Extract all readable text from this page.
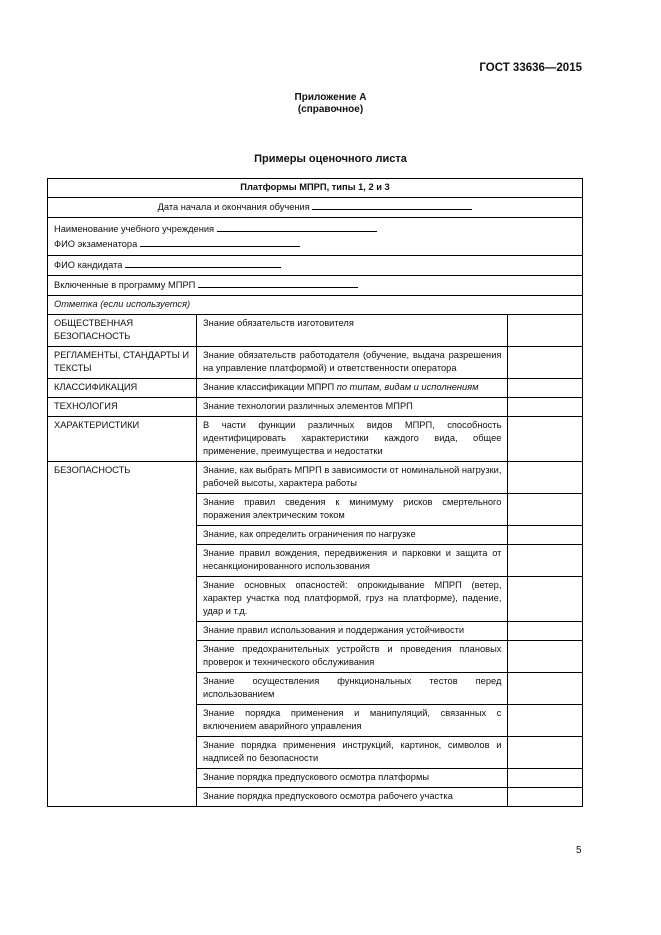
ГОСТ 33636—2015
Приложение А
(справочное)
Примеры оценочного листа
Платформы МПРП, типы 1, 2 и 3		
Дата начала и окончания обучения		

Наименование учебного учреждения
ФИО экзаменатора		

ФИО кандидата		
Включенные в программу МПРП		
Отметка (если используется)		
ОБЩЕСТВЕННАЯ БЕЗОПАСНОСТЬ	Знание обязательств изготовителя	
РЕГЛАМЕНТЫ, СТАНДАРТЫ И ТЕКСТЫ	Знание обязательств работодателя (обучение, выдача разрешения на управление платформой) и ответственности оператора	
КЛАССИФИКАЦИЯ	Знание классификации МПРП по типам, видам и исполнениям	
ТЕХНОЛОГИЯ	Знание технологии различных элементов МПРП	
ХАРАКТЕРИСТИКИ	В части функции различных видов МПРП, способность идентифицировать характеристики каждого вида, общее применение, преимущества и недостатки	
БЕЗОПАСНОСТЬ	Знание, как выбрать МПРП в зависимости от номинальной нагрузки, рабочей высоты, характера работы	
	Знание правил сведения к минимуму рисков смертельного поражения электрическим током	
	Знание, как определить ограничения по нагрузке	
	Знание правил вождения, передвижения и парковки и защита от несанкционированного использования	
	Знание основных опасностей: опрокидывание МПРП (ветер, характер участка под платформой, груз на платформе), падение, удар и т.д.	
	Знание правил использования и поддержания устойчивости	
	Знание предохранительных устройств и проведения плановых проверок и технического обслуживания	
	Знание осуществления функциональных тестов перед использованием	
	Знание порядка применения и манипуляций, связанных с включением аварийного управления	
	Знание порядка применения инструкций, картинок, символов и надписей по безопасности	
	Знание порядка предпускового осмотра платформы	
	Знание порядка предпускового осмотра рабочего участка	
5
